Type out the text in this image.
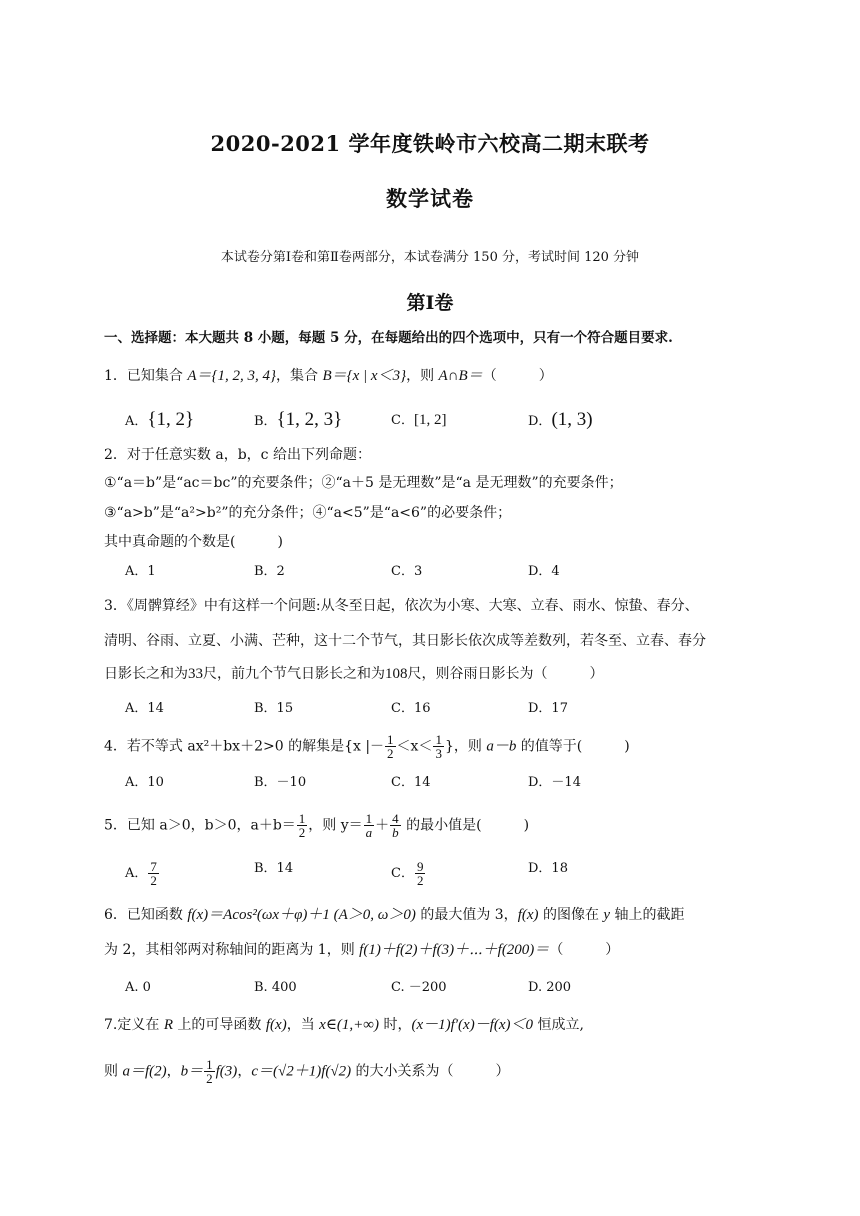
2020-2021 学年度铁岭市六校高二期末联考
数学试卷
本试卷分第Ⅰ卷和第Ⅱ卷两部分，本试卷满分 150 分，考试时间 120 分钟
第Ⅰ卷
一、选择题：本大题共 8 小题，每题 5 分，在每题给出的四个选项中，只有一个符合题目要求.
1．已知集合 A＝{1, 2, 3, 4}，集合 B＝{x | x＜3}，则 A∩B＝（　　　）
A．{1, 2}	B．{1, 2, 3}	C．[1, 2]	D．(1, 3)
2．对于任意实数 a，b，c 给出下列命题：
①“a＝b”是“ac＝bc”的充要条件；②“a＋5 是无理数”是“a 是无理数”的充要条件；
③“a>b”是“a²>b²”的充分条件；④“a<5”是“a<6”的必要条件；
其中真命题的个数是(　　　)
A．1	B．2	C．3	D．4
3．《周髀算经》中有这样一个问题:从冬至日起，依次为小寒、大寒、立春、雨水、惊蛰、春分、
清明、谷雨、立夏、小满、芒种，这十二个节气，其日影长依次成等差数列，若冬至、立春、春分
日影长之和为33尺，前九个节气日影长之和为108尺，则谷雨日影长为（　　　）
A．14	B．15	C．16	D．17
4．若不等式 ax²＋bx＋2>0 的解集是{x |－ $\frac{1}{2} <x< \frac{1}{3}$ }，则 a－b 的值等于(　　　)
A．10	B．－10	C．14	D．－14
5．已知 a＞0，b＞0，$a+b= \frac{1}{2}$ ，则 $y= \frac{1}{a} + \frac{4}{b}$ 的最小值是(　　　)
A． $\frac{7}{2}$	B．14	C． $\frac{9}{2}$	D．18
6．已知函数 f(x)＝Acos²(ωx＋φ)＋1 (A＞0, ω＞0) 的最大值为 3，f(x) 的图像在 y 轴上的截距
为 2，其相邻两对称轴间的距离为 1，则 f(1)＋f(2)＋f(3)＋⋯＋f(200)＝（　　　）
A. 0	B. 400	C. －200	D. 200
7.定义在 R 上的可导函数 f(x)，当 x∈(1,+∞) 时，(x－1)f′(x)－f(x)＜0 恒成立,
则 a＝f(2)，$b= \frac{1}{2} f(3)$，c＝(√2＋1)f(√2) 的大小关系为（　　　）
